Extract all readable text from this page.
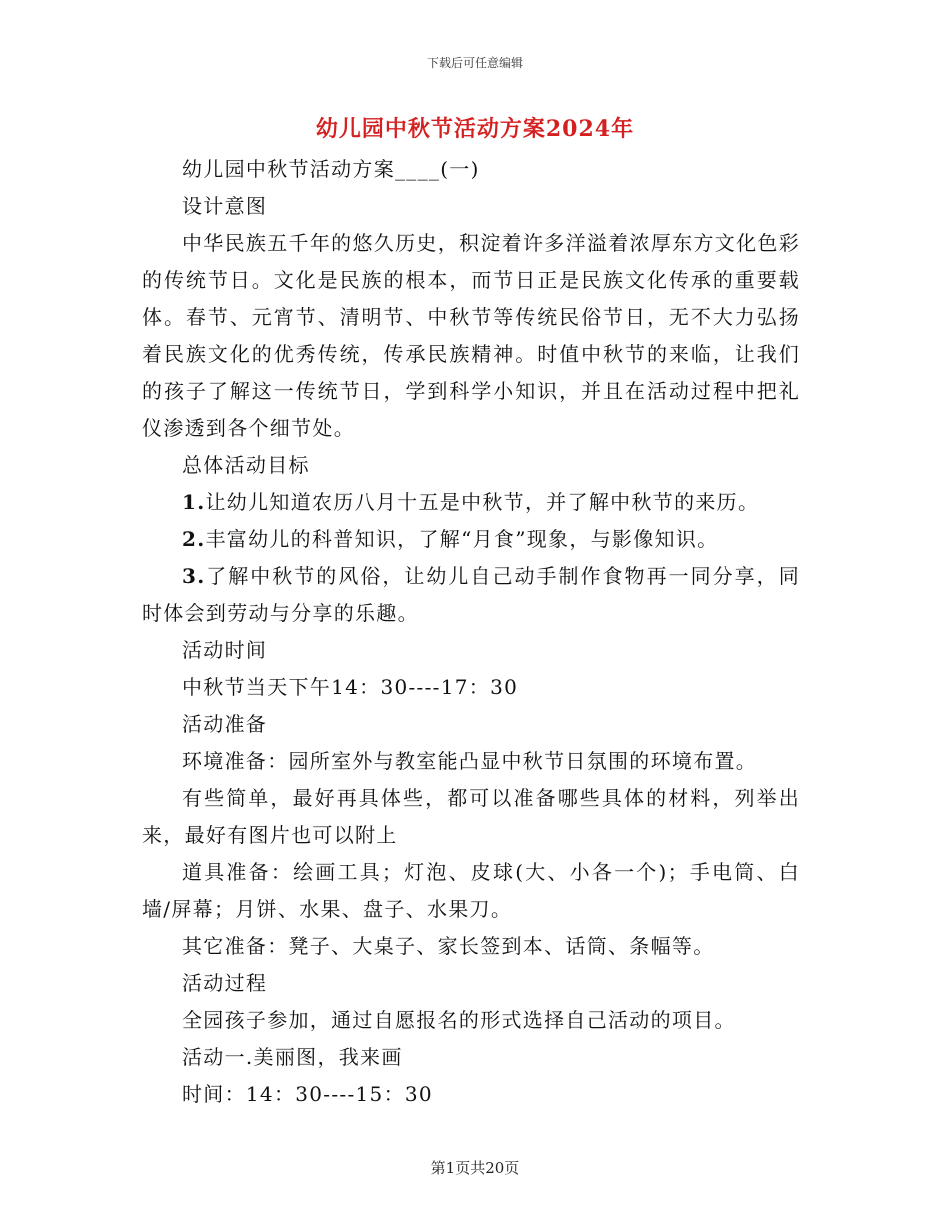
下载后可任意编辑
幼儿园中秋节活动方案2024年

幼儿园中秋节活动方案____(一)

设计意图

中华民族五千年的悠久历史，积淀着许多洋溢着浓厚东方文化色彩的传统节日。文化是民族的根本，而节日正是民族文化传承的重要载体。春节、元宵节、清明节、中秋节等传统民俗节日，无不大力弘扬着民族文化的优秀传统，传承民族精神。时值中秋节的来临，让我们的孩子了解这一传统节日，学到科学小知识，并且在活动过程中把礼仪渗透到各个细节处。

总体活动目标

1.让幼儿知道农历八月十五是中秋节，并了解中秋节的来历。

2.丰富幼儿的科普知识，了解“月食”现象，与影像知识。

3.了解中秋节的风俗，让幼儿自己动手制作食物再一同分享，同时体会到劳动与分享的乐趣。

活动时间

中秋节当天下午14：30----17：30

活动准备

环境准备：园所室外与教室能凸显中秋节日氛围的环境布置。

有些简单，最好再具体些，都可以准备哪些具体的材料，列举出来，最好有图片也可以附上

道具准备：绘画工具；灯泡、皮球(大、小各一个)；手电筒、白墙/屏幕；月饼、水果、盘子、水果刀。

其它准备：凳子、大桌子、家长签到本、话筒、条幅等。

活动过程

全园孩子参加，通过自愿报名的形式选择自己活动的项目。

活动一.美丽图，我来画

时间：14：30----15：30

第1页共20页
